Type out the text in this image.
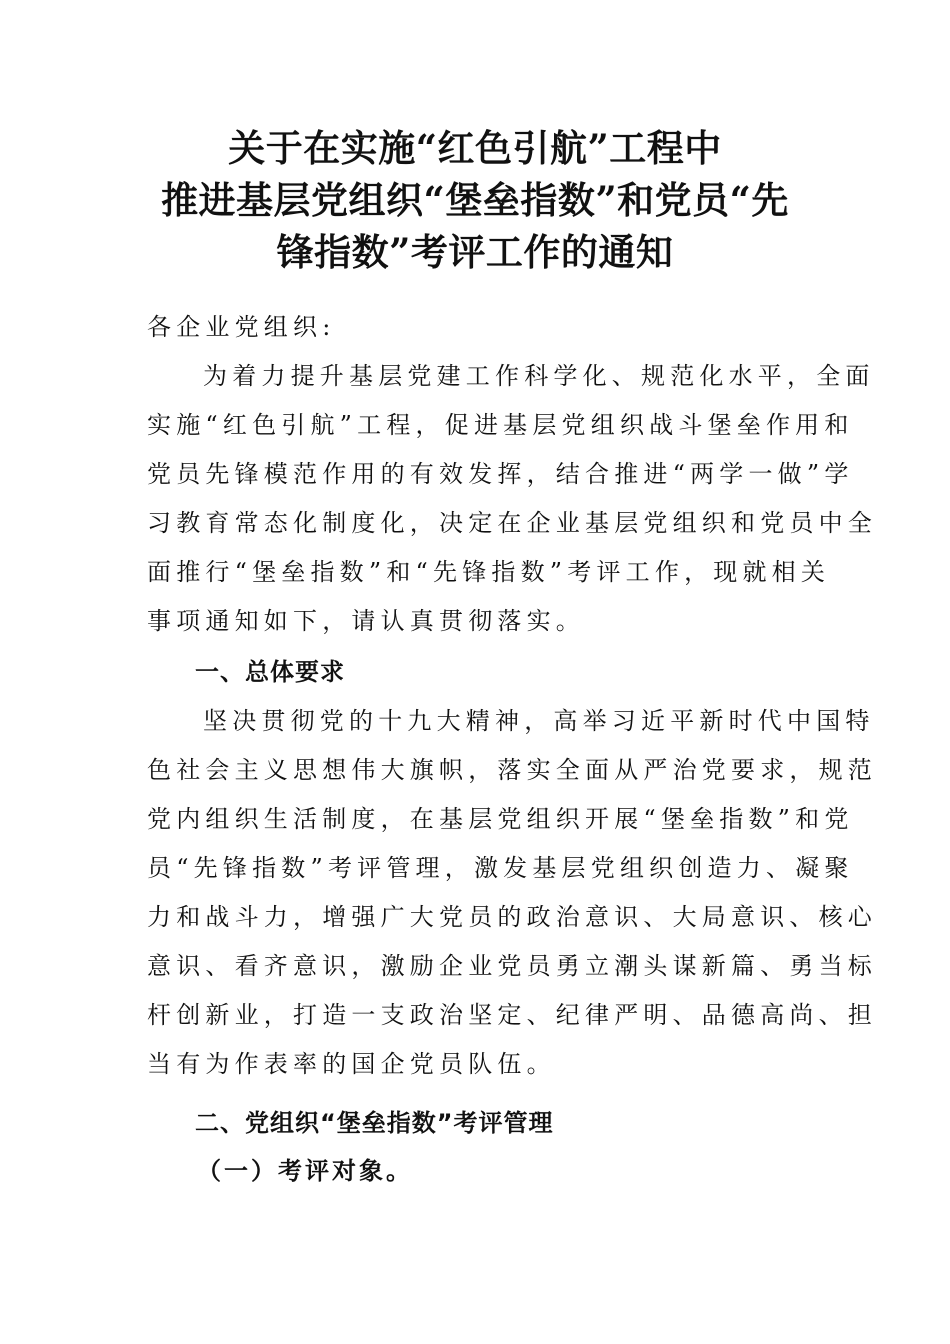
关于在实施“红色引航”工程中
推进基层党组织“堡垒指数”和党员“先
锋指数”考评工作的通知

各企业党组织:

为着力提升基层党建工作科学化、规范化水平，全面
实施“红色引航”工程，促进基层党组织战斗堡垒作用和
党员先锋模范作用的有效发挥，结合推进“两学一做”学
习教育常态化制度化，决定在企业基层党组织和党员中全
面推行“堡垒指数”和“先锋指数”考评工作，现就相关
事项通知如下，请认真贯彻落实。

一、总体要求

坚决贯彻党的十九大精神，高举习近平新时代中国特
色社会主义思想伟大旗帜，落实全面从严治党要求，规范
党内组织生活制度，在基层党组织开展“堡垒指数”和党
员“先锋指数”考评管理，激发基层党组织创造力、凝聚
力和战斗力，增强广大党员的政治意识、大局意识、核心
意识、看齐意识，激励企业党员勇立潮头谋新篇、勇当标
杆创新业，打造一支政治坚定、纪律严明、品德高尚、担
当有为作表率的国企党员队伍。

二、党组织“堡垒指数”考评管理
（一）考评对象。
